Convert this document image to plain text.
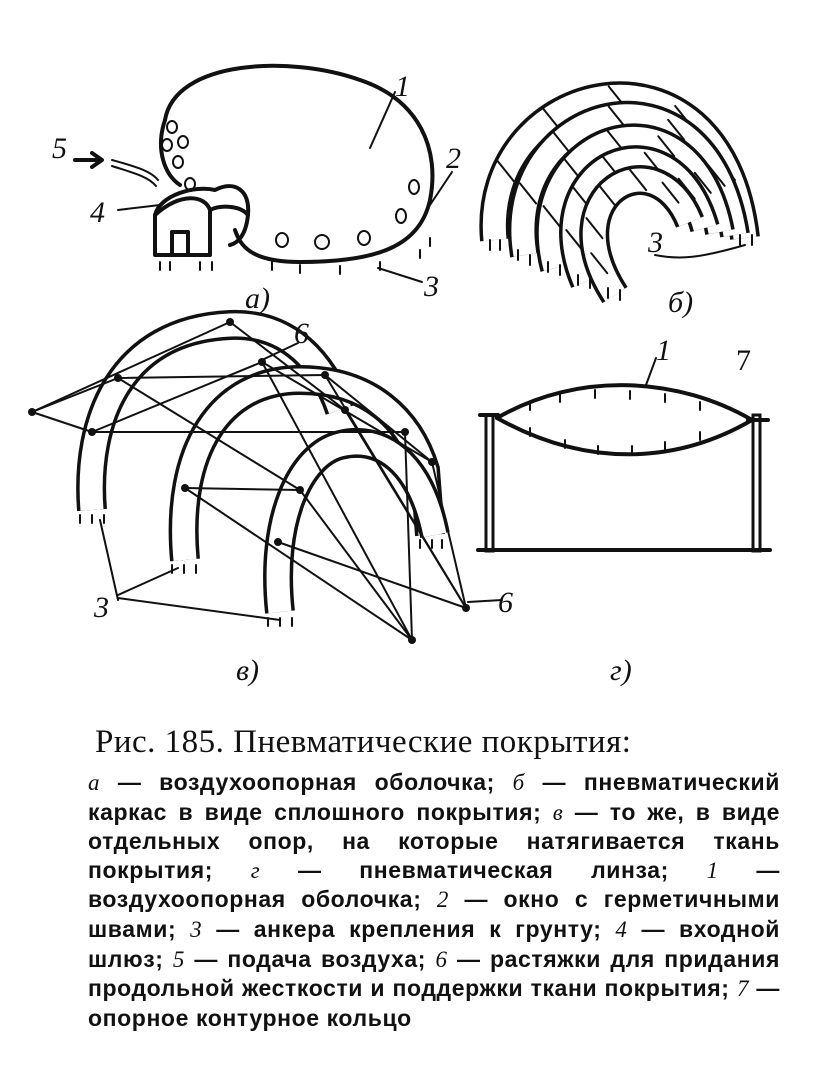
1
2
3
4
5
а)
3
б)
6
3	6
в)
1 7
г)
Рис. 185. Пневматические покрытия:
а — воздухоопорная оболочка; б — пневматический каркас в виде сплошного покрытия; в — то же, в виде отдельных опор, на которые натягивается ткань покрытия; г — пневматическая линза; 1 — воздухоопорная оболочка; 2 — окно с герметичными швами; 3 — анкера крепления к грунту; 4 — входной шлюз; 5 — подача воздуха; 6 — растяжки для придания продольной жесткости и поддержки ткани покрытия; 7 — опорное контурное кольцо
